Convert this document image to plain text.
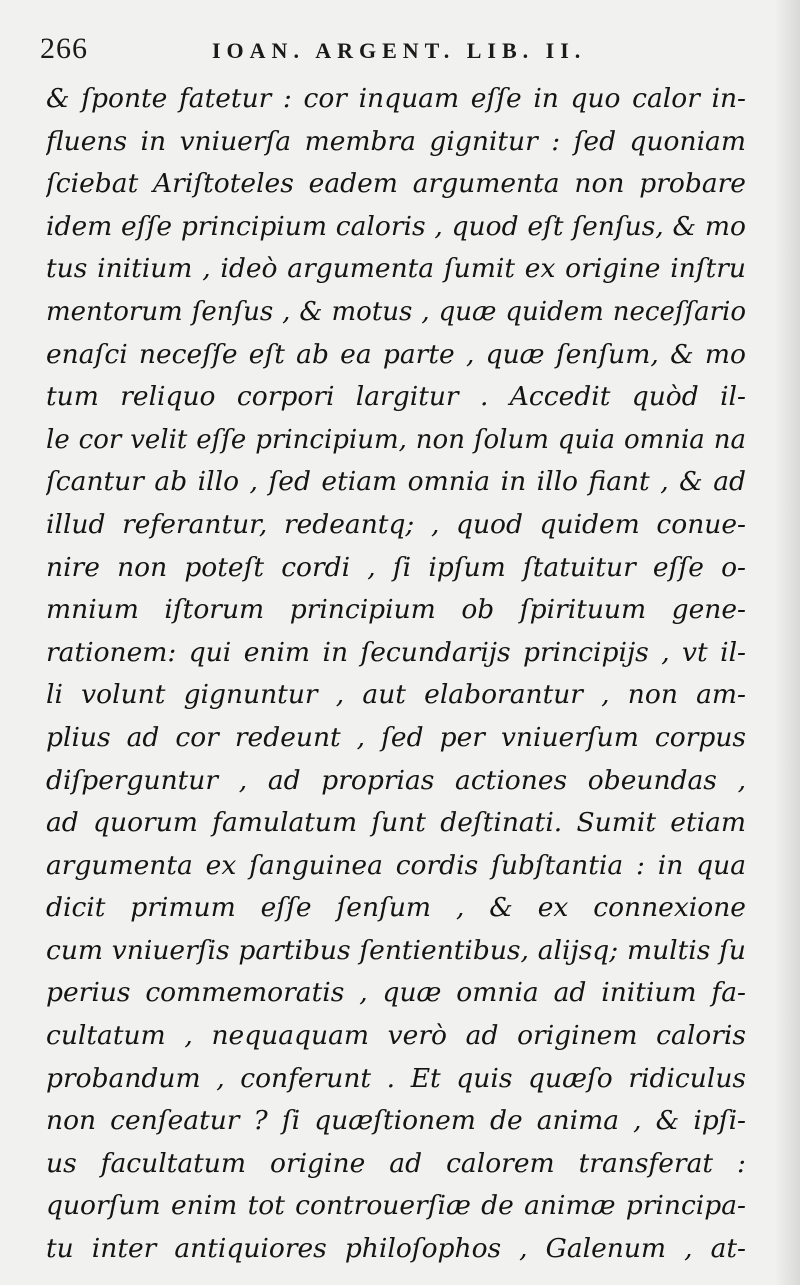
266	IOAN. ARGENT. LIB. II.
& ſponte fatetur : cor inquam eſſe in quo calor in-
fluens in vniuerſa membra gignitur : ſed quoniam
ſciebat Ariſtoteles eadem argumenta non probare
idem eſſe principium caloris , quod eſt ſenſus, & mo
tus initium , ideò argumenta ſumit ex origine inſtru
mentorum ſenſus , & motus , quæ quidem neceſſario
enaſci neceſſe eſt ab ea parte , quæ ſenſum, & mo
tum reliquo corpori largitur . Accedit quòd il-
le cor velit eſſe principium, non ſolum quia omnia na
ſcantur ab illo , ſed etiam omnia in illo fiant , & ad
illud referantur, redeantq; , quod quidem conue-
nire non poteſt cordi , ſi ipſum ſtatuitur eſſe o-
mnium iſtorum principium ob ſpirituum gene-
rationem: qui enim in ſecundarijs principijs , vt il-
li volunt gignuntur , aut elaborantur , non am-
plius ad cor redeunt , ſed per vniuerſum corpus
diſperguntur , ad proprias actiones obeundas ,
ad quorum famulatum ſunt deſtinati. Sumit etiam
argumenta ex ſanguinea cordis ſubſtantia : in qua
dicit primum eſſe ſenſum , & ex connexione
cum vniuerſis partibus ſentientibus, alijsq; multis ſu
perius commemoratis , quæ omnia ad initium fa-
cultatum , nequaquam verò ad originem caloris
probandum , conferunt . Et quis quæſo ridiculus
non cenſeatur ? ſi quæſtionem de anima , & ipſi-
us facultatum origine ad calorem transferat :
quorſum enim tot controuerſiæ de animæ principa-
tu inter antiquiores philoſophos , Galenum , at-
